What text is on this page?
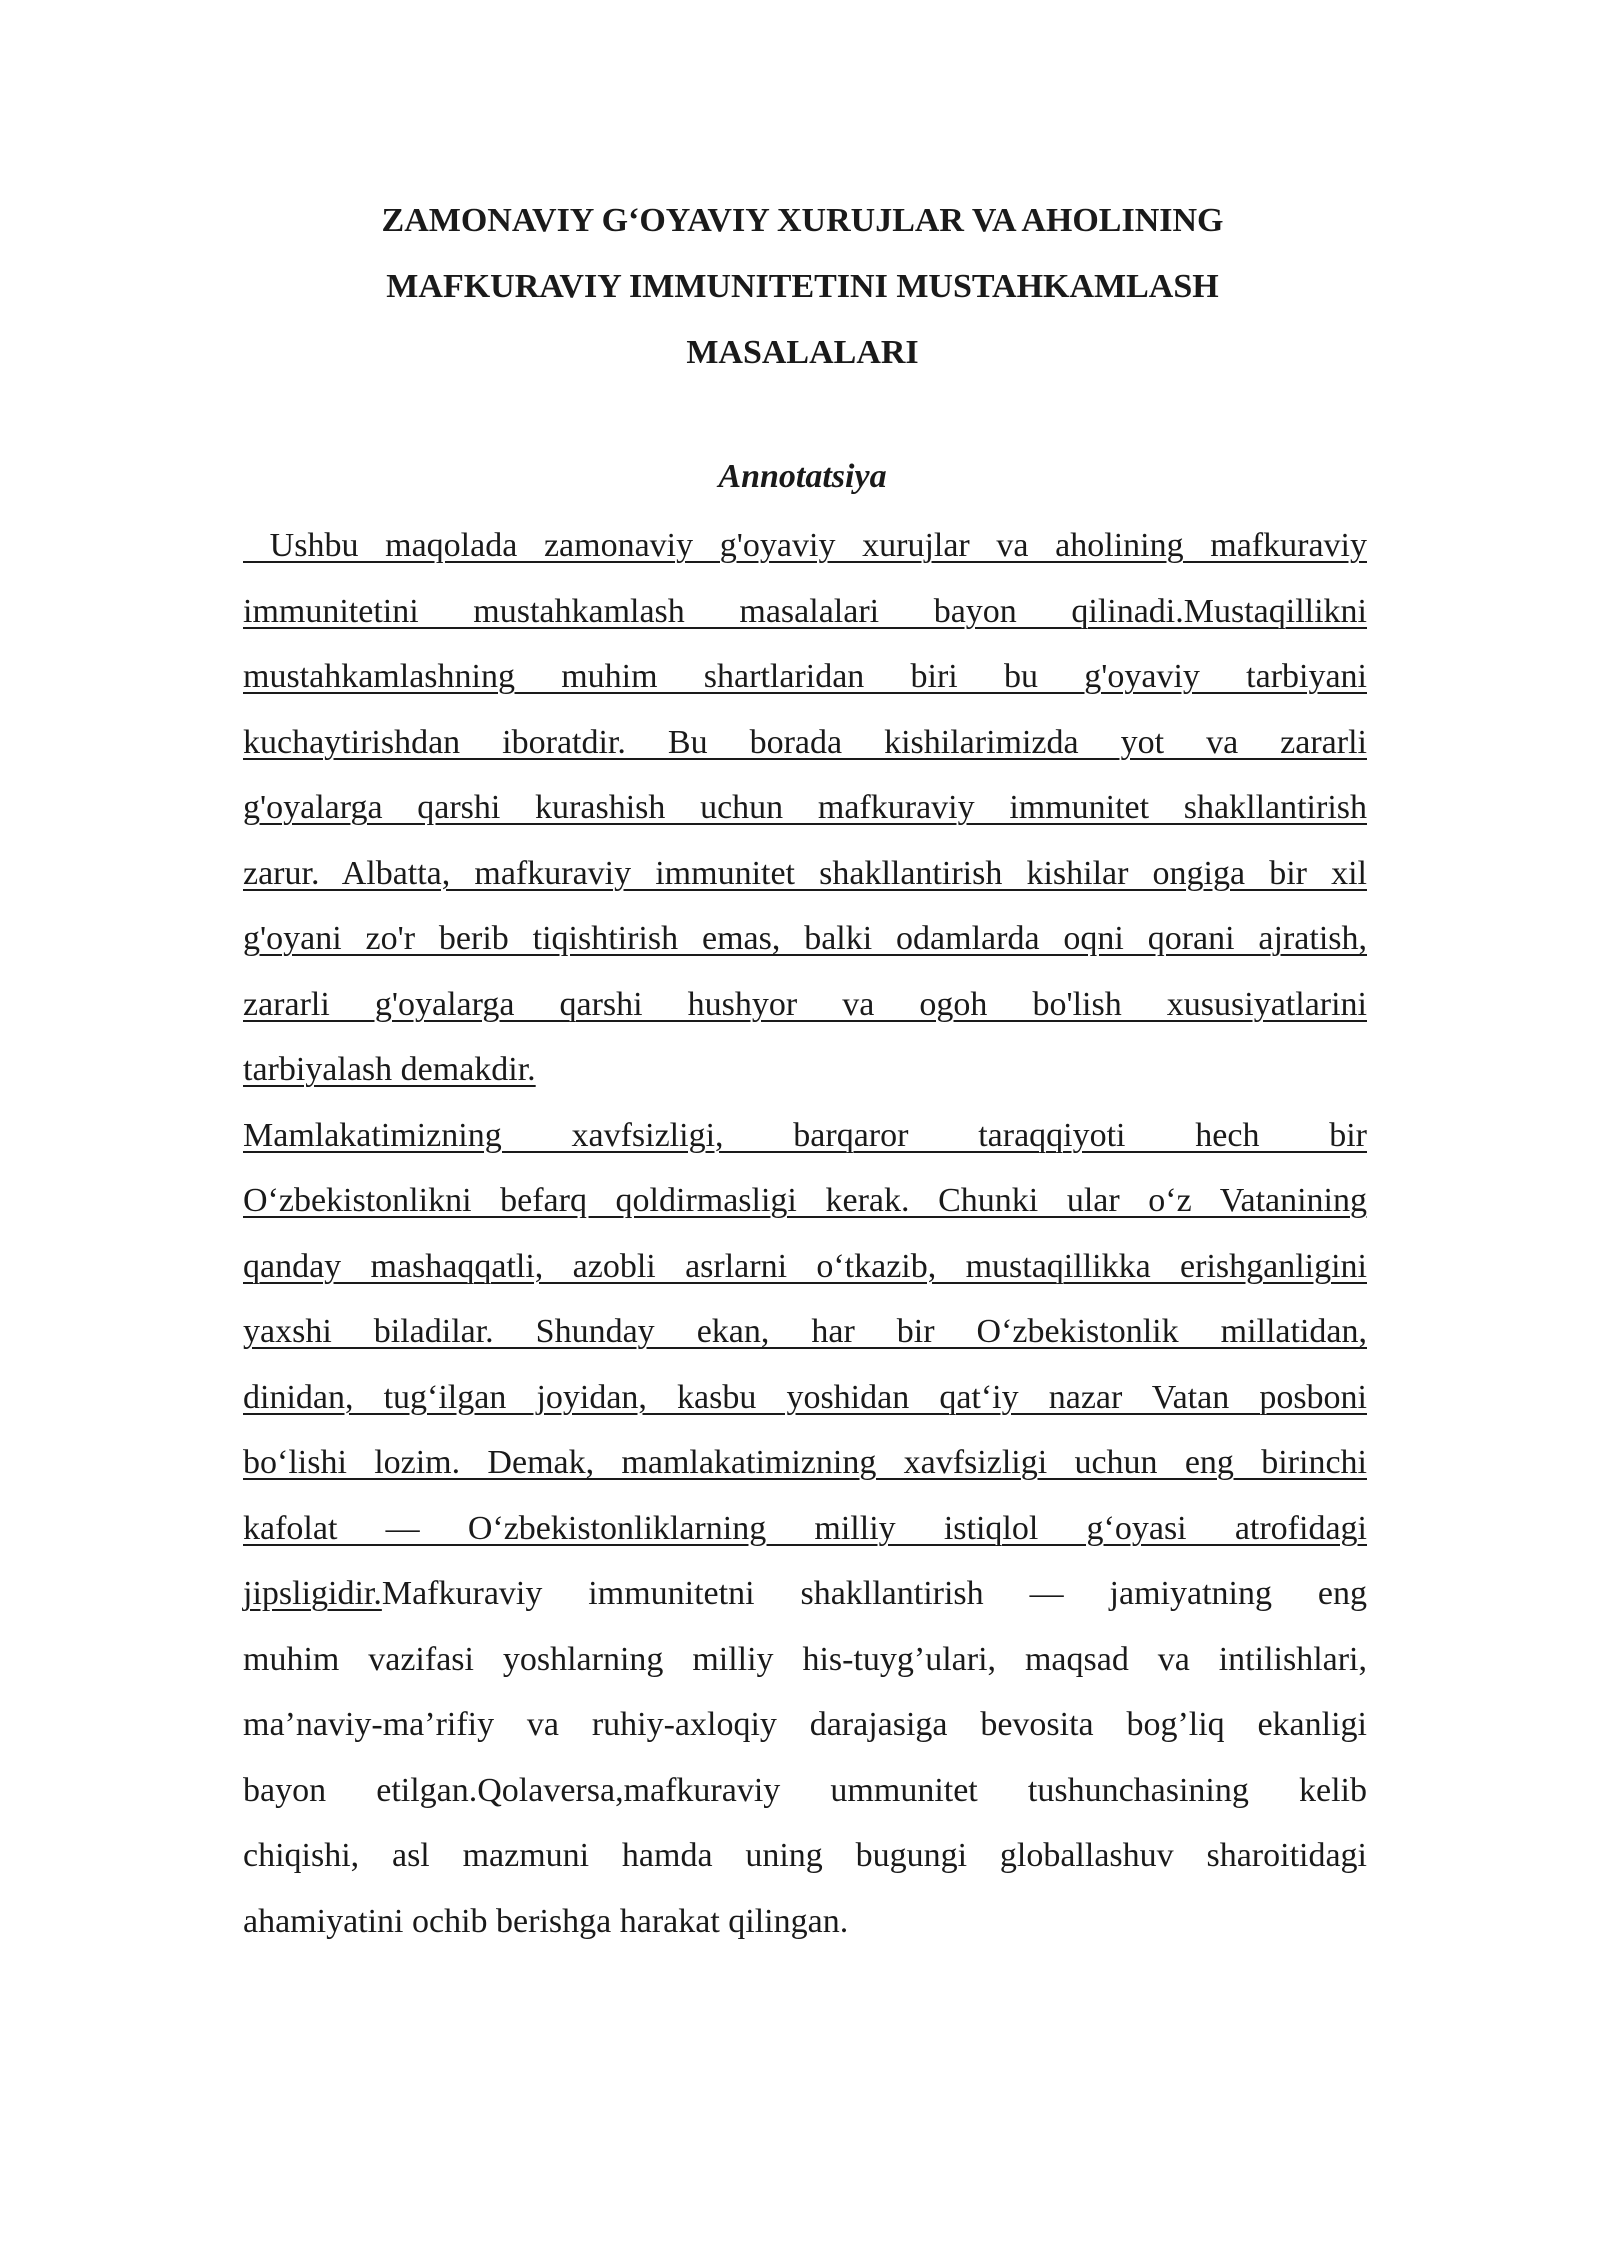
ZAMONAVIY G‘OYAVIY XURUJLAR VA AHOLINING
MAFKURAVIY IMMUNITETINI MUSTAHKAMLASH
MASALALARI
Annotatsiya
Ushbu maqolada zamonaviy g'oyaviy xurujlar va aholining mafkuraviy
immunitetini mustahkamlash masalalari bayon qilinadi.Mustaqillikni
mustahkamlashning muhim shartlaridan biri bu g'oyaviy tarbiyani
kuchaytirishdan iboratdir. Bu borada kishilarimizda yot va zararli
g'oyalarga qarshi kurashish uchun mafkuraviy immunitet shakllantirish
zarur. Albatta, mafkuraviy immunitet shakllantirish kishilar ongiga bir xil
g'oyani zo'r berib tiqishtirish emas, balki odamlarda oqni qorani ajratish,
zararli g'oyalarga qarshi hushyor va ogoh bo'lish xususiyatlarini
tarbiyalash demakdir.
Mamlakatimizning xavfsizligi, barqaror taraqqiyoti hech bir
O‘zbekistonlikni befarq qoldirmasligi kerak. Chunki ular o‘z Vatanining
qanday mashaqqatli, azobli asrlarni o‘tkazib, mustaqillikka erishganligini
yaxshi biladilar. Shunday ekan, har bir O‘zbekistonlik millatidan,
dinidan, tug‘ilgan joyidan, kasbu yoshidan qat‘iy nazar Vatan posboni
bo‘lishi lozim. Demak, mamlakatimizning xavfsizligi uchun eng birinchi
kafolat — O‘zbekistonliklarning milliy istiqlol g‘oyasi atrofidagi
jipsligidir.Mafkuraviy immunitetni shakllantirish — jamiyatning eng
muhim vazifasi yoshlarning milliy his-tuyg’ulari, maqsad va intilishlari,
ma’naviy-ma’rifiy va ruhiy-axloqiy darajasiga bevosita bog’liq ekanligi
bayon etilgan.Qolaversa,mafkuraviy ummunitet tushunchasining kelib
chiqishi, asl mazmuni hamda uning bugungi globallashuv sharoitidagi
ahamiyatini ochib berishga harakat qilingan.
